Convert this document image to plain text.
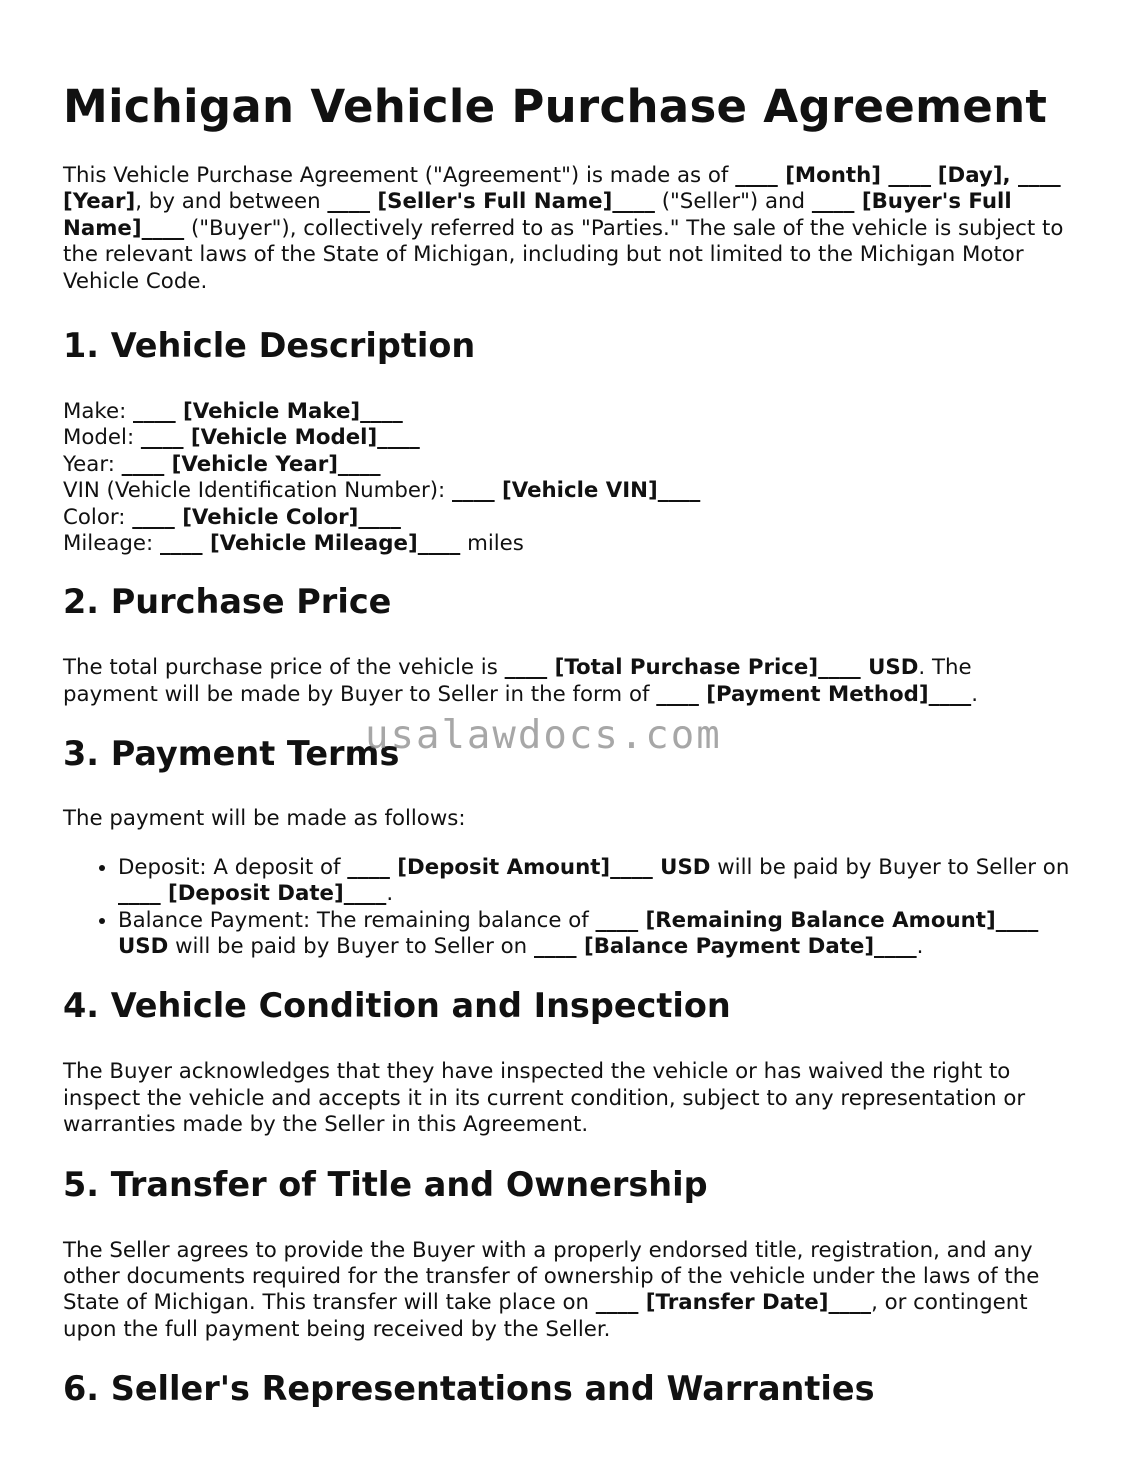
Michigan Vehicle Purchase Agreement

This Vehicle Purchase Agreement ("Agreement") is made as of ____ [Month] ____ [Day], ____ [Year], by and between ____ [Seller's Full Name]____ ("Seller") and ____ [Buyer's Full Name]____ ("Buyer"), collectively referred to as "Parties." The sale of the vehicle is subject to the relevant laws of the State of Michigan, including but not limited to the Michigan Motor Vehicle Code.

1. Vehicle Description
Make: ____ [Vehicle Make]____
Model: ____ [Vehicle Model]____
Year: ____ [Vehicle Year]____
VIN (Vehicle Identification Number): ____ [Vehicle VIN]____
Color: ____ [Vehicle Color]____
Mileage: ____ [Vehicle Mileage]____ miles
2. Purchase Price

The total purchase price of the vehicle is ____ [Total Purchase Price]____ USD. The payment will be made by Buyer to Seller in the form of ____ [Payment Method]____.

3. Payment Terms

The payment will be made as follows:

• Deposit: A deposit of ____ [Deposit Amount]____ USD will be paid by Buyer to Seller on ____ [Deposit Date]____.
• Balance Payment: The remaining balance of ____ [Remaining Balance Amount]____ USD will be paid by Buyer to Seller on ____ [Balance Payment Date]____.
4. Vehicle Condition and Inspection

The Buyer acknowledges that they have inspected the vehicle or has waived the right to inspect the vehicle and accepts it in its current condition, subject to any representation or warranties made by the Seller in this Agreement.

5. Transfer of Title and Ownership

The Seller agrees to provide the Buyer with a properly endorsed title, registration, and any other documents required for the transfer of ownership of the vehicle under the laws of the State of Michigan. This transfer will take place on ____ [Transfer Date]____, or contingent upon the full payment being received by the Seller.

6. Seller's Representations and Warranties
usalawdocs.com
